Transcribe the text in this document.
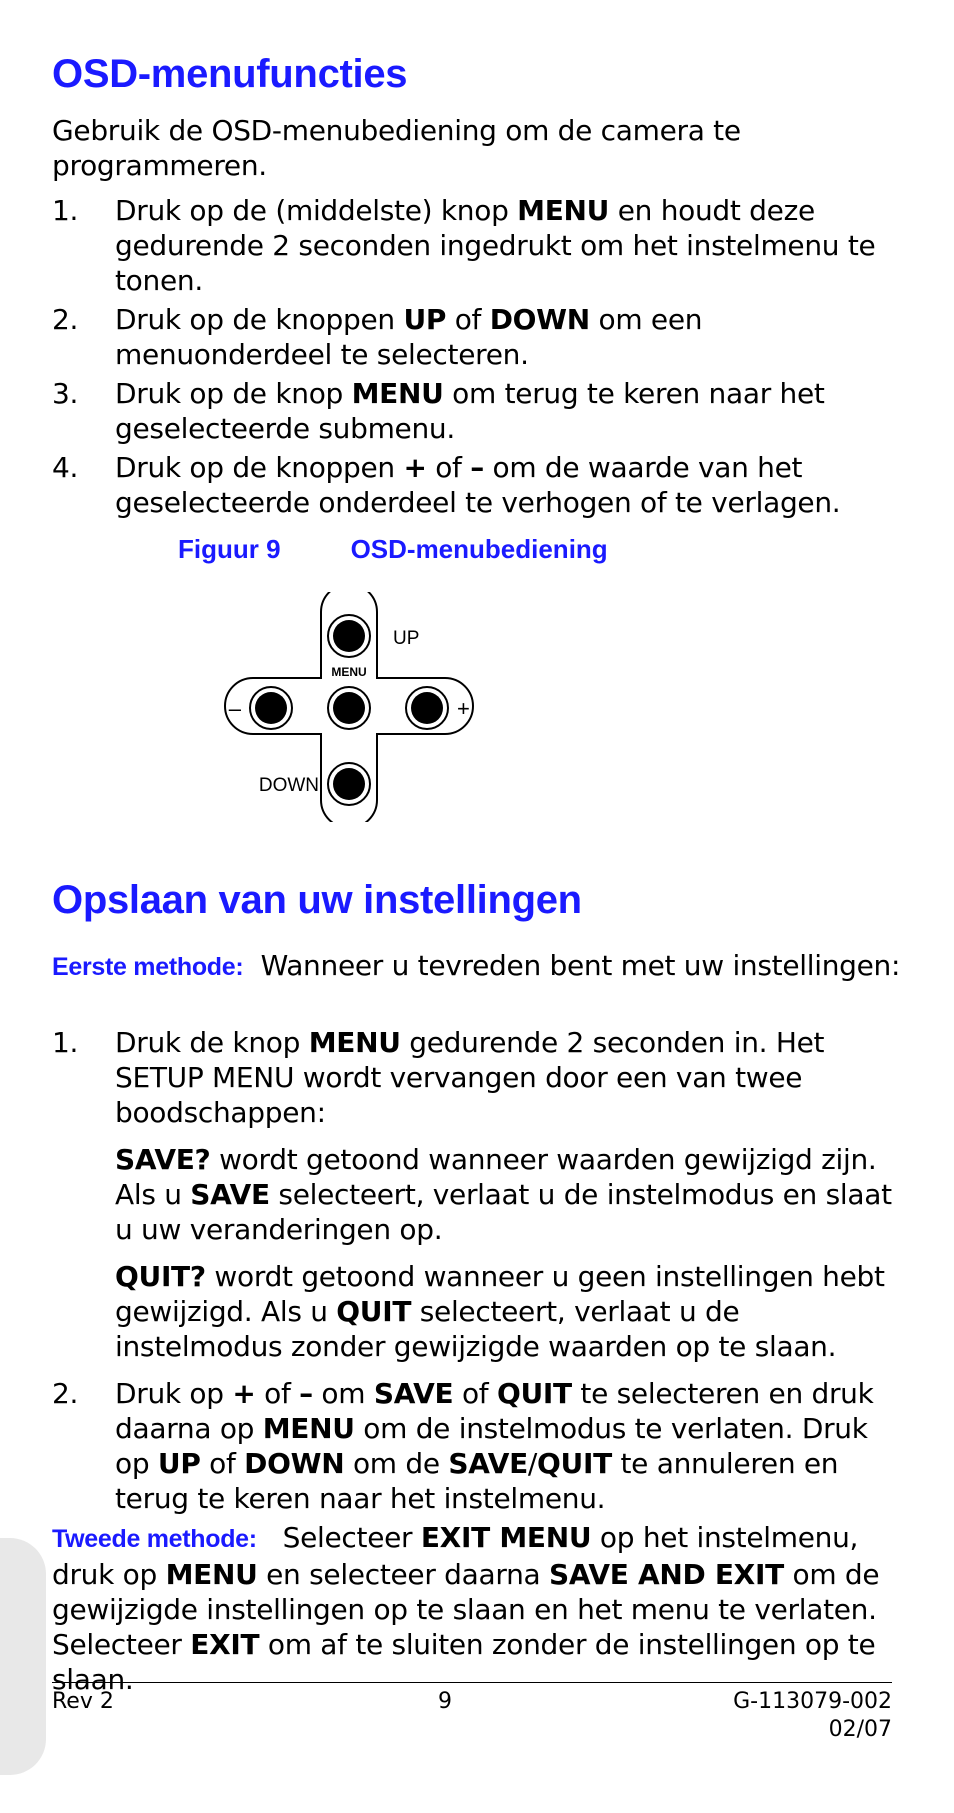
OSD-menufuncties

Gebruik de OSD-menubediening om de camera te programmeren.

1. Druk op de (middelste) knop MENU en houdt deze gedurende 2 seconden ingedrukt om het instelmenu te tonen.
2. Druk op de knoppen UP of DOWN om een menuonderdeel te selecteren.
3. Druk op de knop MENU om terug te keren naar het geselecteerde submenu.
4. Druk op de knoppen + of – om de waarde van het geselecteerde onderdeel te verhogen of te verlagen.
Figuur 9	OSD-menubediening
UP
MENU
–	+
DOWN
Opslaan van uw instellingen

Eerste methode: Wanneer u tevreden bent met uw instellingen:

1. Druk de knop MENU gedurende 2 seconden in. Het SETUP MENU wordt vervangen door een van twee boodschappen:

SAVE? wordt getoond wanneer waarden gewijzigd zijn. Als u SAVE selecteert, verlaat u de instelmodus en slaat u uw veranderingen op.

QUIT? wordt getoond wanneer u geen instellingen hebt gewijzigd. Als u QUIT selecteert, verlaat u de instelmodus zonder gewijzigde waarden op te slaan.

2. Druk op + of – om SAVE of QUIT te selecteren en druk daarna op MENU om de instelmodus te verlaten. Druk op UP of DOWN om de SAVE/QUIT te annuleren en terug te keren naar het instelmenu.

Tweede methode: Selecteer EXIT MENU op het instelmenu, druk op MENU en selecteer daarna SAVE AND EXIT om de gewijzigde instellingen op te slaan en het menu te verlaten. Selecteer EXIT om af te sluiten zonder de instellingen op te slaan.

Rev 2	9	G-113079-002
02/07
